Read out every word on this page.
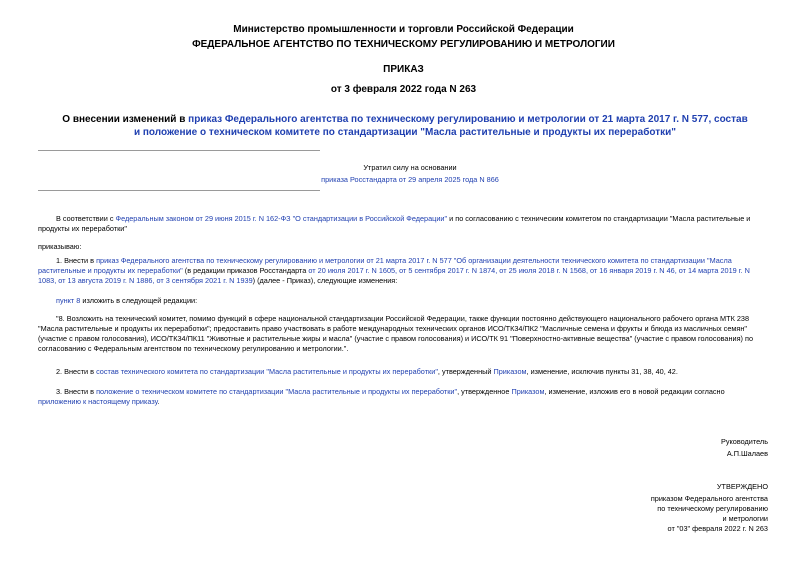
Министерство промышленности и торговли Российской Федерации
ФЕДЕРАЛЬНОЕ АГЕНТСТВО ПО ТЕХНИЧЕСКОМУ РЕГУЛИРОВАНИЮ И МЕТРОЛОГИИ
ПРИКАЗ
от 3 февраля 2022 года N 263
О внесении изменений в приказ Федерального агентства по техническому регулированию и метрологии от 21 марта 2017 г. N 577, состав и положение о техническом комитете по стандартизации "Масла растительные и продукты их переработки"
Утратил силу на основании
приказа Росстандарта от 29 апреля 2025 года N 866
В соответствии с Федеральным законом от 29 июня 2015 г. N 162-ФЗ "О стандартизации в Российской Федерации" и по согласованию с техническим комитетом по стандартизации "Масла растительные и продукты их переработки"
приказываю:
1. Внести в приказ Федерального агентства по техническому регулированию и метрологии от 21 марта 2017 г. N 577 "Об организации деятельности технического комитета по стандартизации "Масла растительные и продукты их переработки" (в редакции приказов Росстандарта от 20 июля 2017 г. N 1605, от 5 сентября 2017 г. N 1874, от 25 июля 2018 г. N 1568, от 16 января 2019 г. N 46, от 14 марта 2019 г. N 1083, от 13 августа 2019 г. N 1886, от 3 сентября 2021 г. N 1939) (далее - Приказ), следующие изменения:
пункт 8 изложить в следующей редакции:
"8. Возложить на технический комитет, помимо функций в сфере национальной стандартизации Российской Федерации, также функции постоянно действующего национального рабочего органа МТК 238 "Масла растительные и продукты их переработки"; предоставить право участвовать в работе международных технических органов ИСО/ТК34/ПК2 "Масличные семена и фрукты и блюда из масличных семян" (участие с правом голосования), ИСО/ТК34/ПК11 "Животные и растительные жиры и масла" (участие с правом голосования) и ИСО/ТК 91 "Поверхностно-активные вещества" (участие с правом голосования) по согласованию с Федеральным агентством по техническому регулированию и метрологии.".
2. Внести в состав технического комитета по стандартизации "Масла растительные и продукты их переработки", утвержденный Приказом, изменение, исключив пункты 31, 38, 40, 42.
3. Внести в положение о техническом комитете по стандартизации "Масла растительные и продукты их переработки", утвержденное Приказом, изменение, изложив его в новой редакции согласно приложению к настоящему приказу.
Руководитель
А.П.Шалаев
УТВЕРЖДЕНО
приказом Федерального агентства
по техническому регулированию
и метрологии
от "03" февраля 2022 г. N 263
